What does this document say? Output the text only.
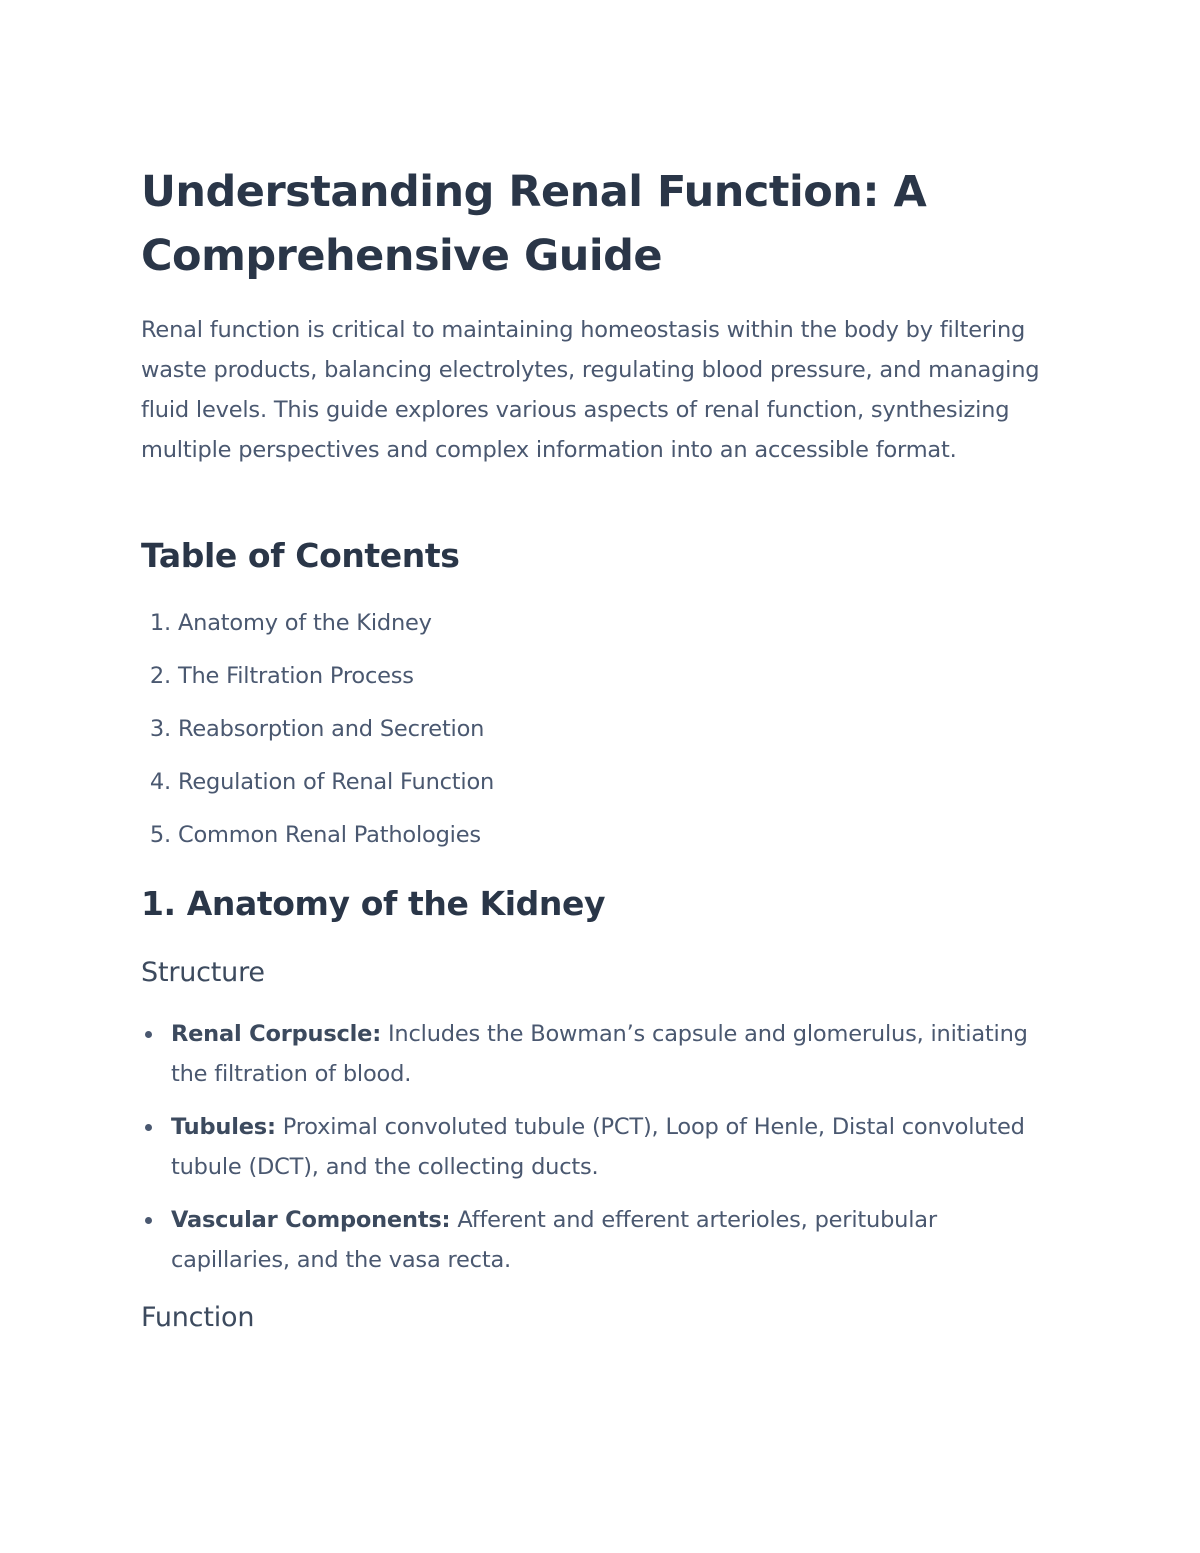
Understanding Renal Function: A Comprehensive Guide

Renal function is critical to maintaining homeostasis within the body by filtering waste products, balancing electrolytes, regulating blood pressure, and managing fluid levels. This guide explores various aspects of renal function, synthesizing multiple perspectives and complex information into an accessible format.

Table of Contents
1. Anatomy of the Kidney
2. The Filtration Process
3. Reabsorption and Secretion
4. Regulation of Renal Function
5. Common Renal Pathologies
1. Anatomy of the Kidney
Structure
Renal Corpuscle: Includes the Bowman’s capsule and glomerulus, initiating the filtration of blood.
Tubules: Proximal convoluted tubule (PCT), Loop of Henle, Distal convoluted tubule (DCT), and the collecting ducts.
Vascular Components: Afferent and efferent arterioles, peritubular capillaries, and the vasa recta.
Function
